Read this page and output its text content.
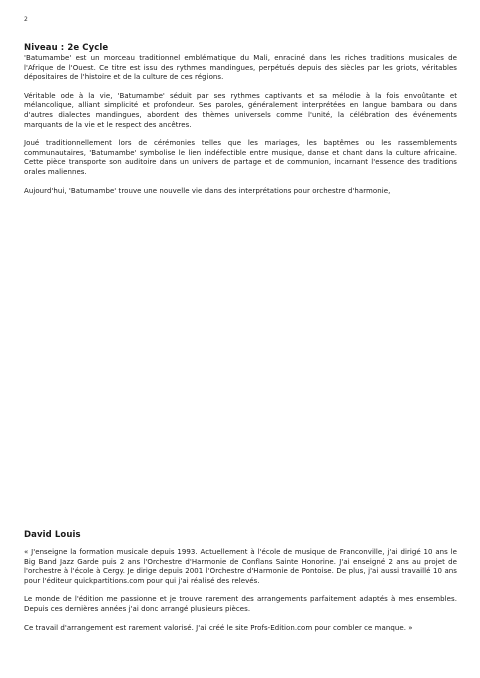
2
Niveau : 2e Cycle

'Batumambe' est un morceau traditionnel emblématique du Mali, enraciné dans les riches traditions musicales de l'Afrique de l'Ouest. Ce titre est issu des rythmes mandingues, perpétués depuis des siècles par les griots, véritables dépositaires de l'histoire et de la culture de ces régions.

Véritable ode à la vie, 'Batumambe' séduit par ses rythmes captivants et sa mélodie à la fois envoûtante et mélancolique, alliant simplicité et profondeur. Ses paroles, généralement interprétées en langue bambara ou dans d'autres dialectes mandingues, abordent des thèmes universels comme l'unité, la célébration des événements marquants de la vie et le respect des ancêtres.

Joué traditionnellement lors de cérémonies telles que les mariages, les baptêmes ou les rassemblements communautaires, 'Batumambe' symbolise le lien indéfectible entre musique, danse et chant dans la culture africaine. Cette pièce transporte son auditoire dans un univers de partage et de communion, incarnant l'essence des traditions orales maliennes.

Aujourd'hui, 'Batumambe' trouve une nouvelle vie dans des interprétations pour orchestre d'harmonie,

David Louis

« J'enseigne la formation musicale depuis 1993. Actuellement à l'école de musique de Franconville, j'ai dirigé 10 ans le Big Band Jazz Garde puis 2 ans l'Orchestre d'Harmonie de Conflans Sainte Honorine. J'ai enseigné 2 ans au projet de l'orchestre à l'école à Cergy. Je dirige depuis 2001 l'Orchestre d'Harmonie de Pontoise. De plus, j'ai aussi travaillé 10 ans pour l'éditeur quickpartitions.com pour qui j'ai réalisé des relevés.

Le monde de l'édition me passionne et je trouve rarement des arrangements parfaitement adaptés à mes ensembles. Depuis ces dernières années j'ai donc arrangé plusieurs pièces.

Ce travail d'arrangement est rarement valorisé. J'ai créé le site Profs-Edition.com pour combler ce manque. »
